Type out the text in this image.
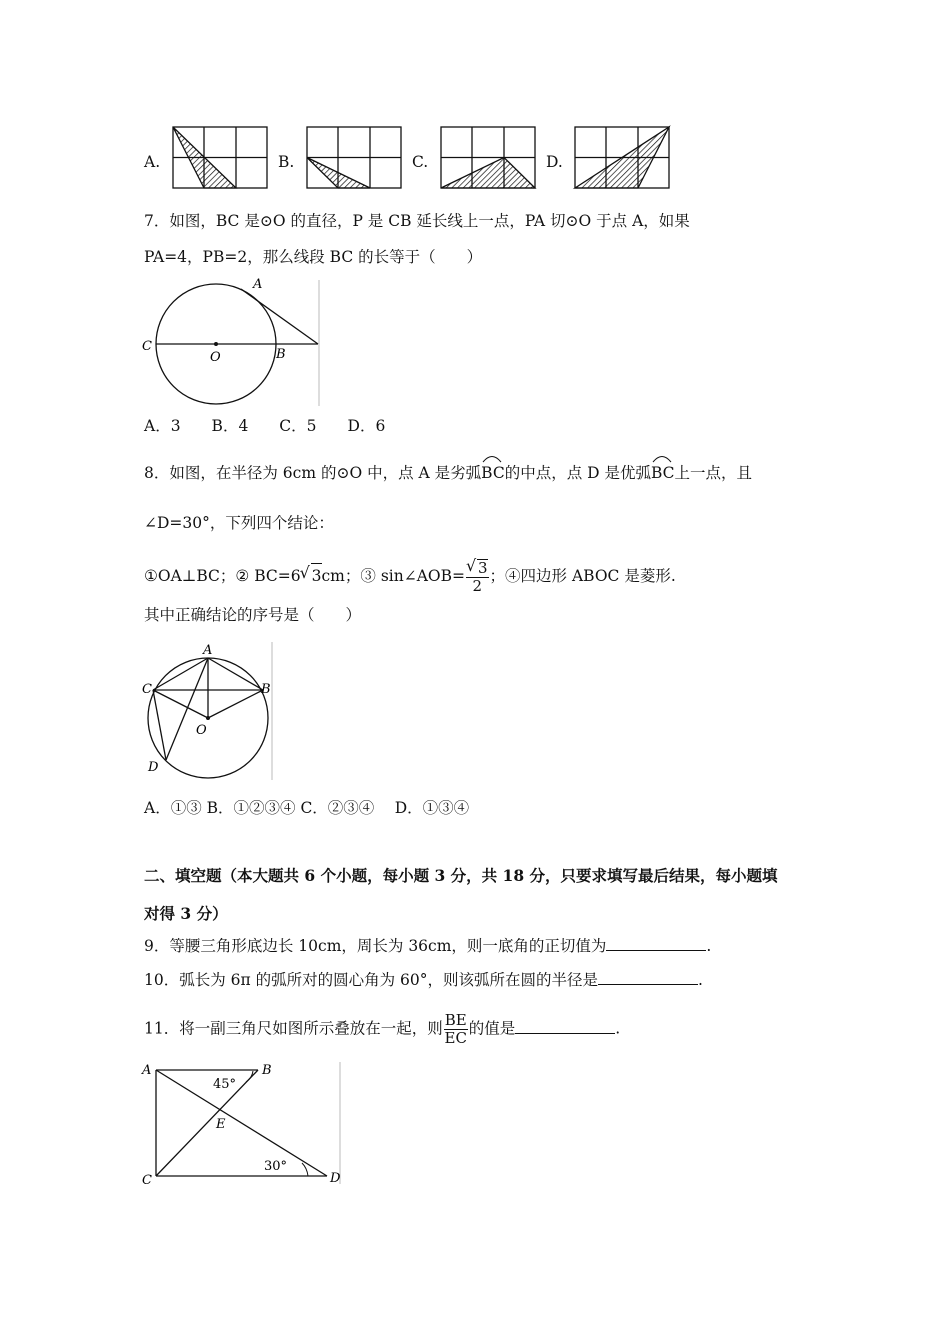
A.	B.	C.	D.
7．如图，BC 是⊙O 的直径，P 是 CB 延长线上一点，PA 切⊙O 于点 A，如果
PA=4，PB=2，那么线段 BC 的长等于（　　）
A
C
O	B
A．3　　B．4　　C．5　　D．6
8．如图，在半径为 6cm 的⊙O 中，点 A 是劣弧
BC的中点，点 D 是优弧
BC上一点，且
∠D=30°，下列四个结论：
①OA⊥BC；② BC=6 √ 3cm；③ sin∠AOB= √ $\frac{3}{2}$ ；④四边形 ABOC 是菱形.
其中正确结论的序号是（　　）
A
C	B
O
D
A．①③ B．①②③④ C．②③④　 D．①③④
二、填空题（本大题共 6 个小题，每小题 3 分，共 18 分，只要求填写最后结果，每小题填
对得 3 分）
9．等腰三角形底边长 10cm，周长为 36cm，则一底角的正切值为	.
10．弧长为 6π 的弧所对的圆心角为 60°，则该弧所在圆的半径是	.
11．将一副三角尺如图所示叠放在一起，则 $\frac{BE}{EC}$ 的值是	.
A	B
C	D
E
45°
30°
